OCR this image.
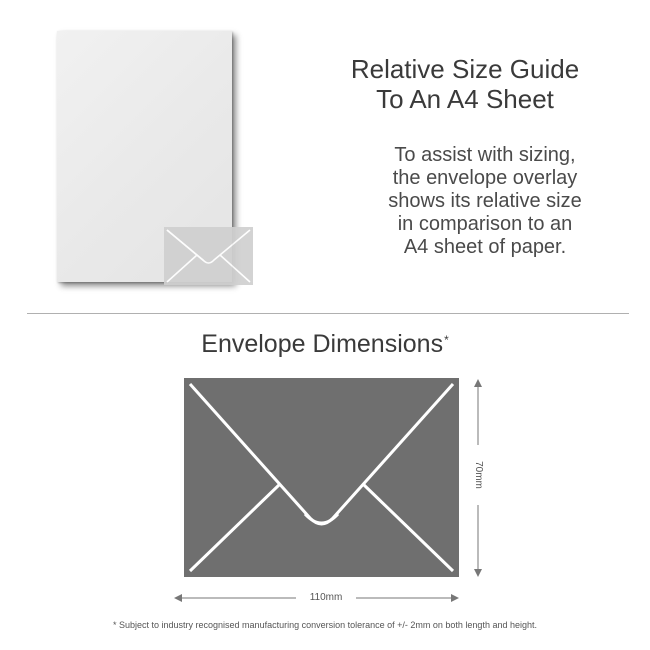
Relative Size Guide
To An A4 Sheet

To assist with sizing,
the envelope overlay
shows its relative size
in comparison to an
A4 sheet of paper.

Envelope Dimensions*
70mm
110mm

* Subject to industry recognised manufacturing conversion tolerance of +/- 2mm on both length and height.
